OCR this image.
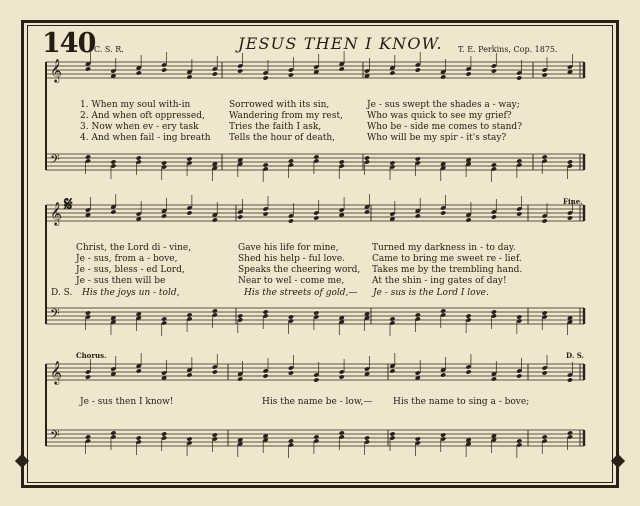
140	JESUS THEN I KNOW.
C. S. R.	T. E. Perkins, Cop. 1875.
𝄞
𝄢
𝄞
𝄢
𝄞
𝄢
𝄋	Fine.
Chorus.	D. S.
D. S.
1. When my soul with-in
2. And when oft oppressed,
3. Now when ev - ery task
4. And when fail - ing breath
Sorrowed with its sin,
Wandering from my rest,
Tries the faith I ask,
Tells the hour of death,
Je - sus swept the shades a - way;
Who was quick to see my grief?
Who be - side me comes to stand?
Who will be my spir - it's stay?
Christ, the Lord di - vine,
Je - sus, from a - bove,
Je - sus, bless - ed Lord,
Je - sus then will be
Gave his life for mine,
Shed his help - ful love.
Speaks the cheering word,
Near to wel - come me,
Turned my darkness in - to day.
Came to bring me sweet re - lief.
Takes me by the trembling hand.
At the shin - ing gates of day!
His the joys un - told,	His the streets of gold,—	Je - sus is the Lord I love.
Je - sus then I know!	His the name be - low,—	His the name to sing a - bove;
